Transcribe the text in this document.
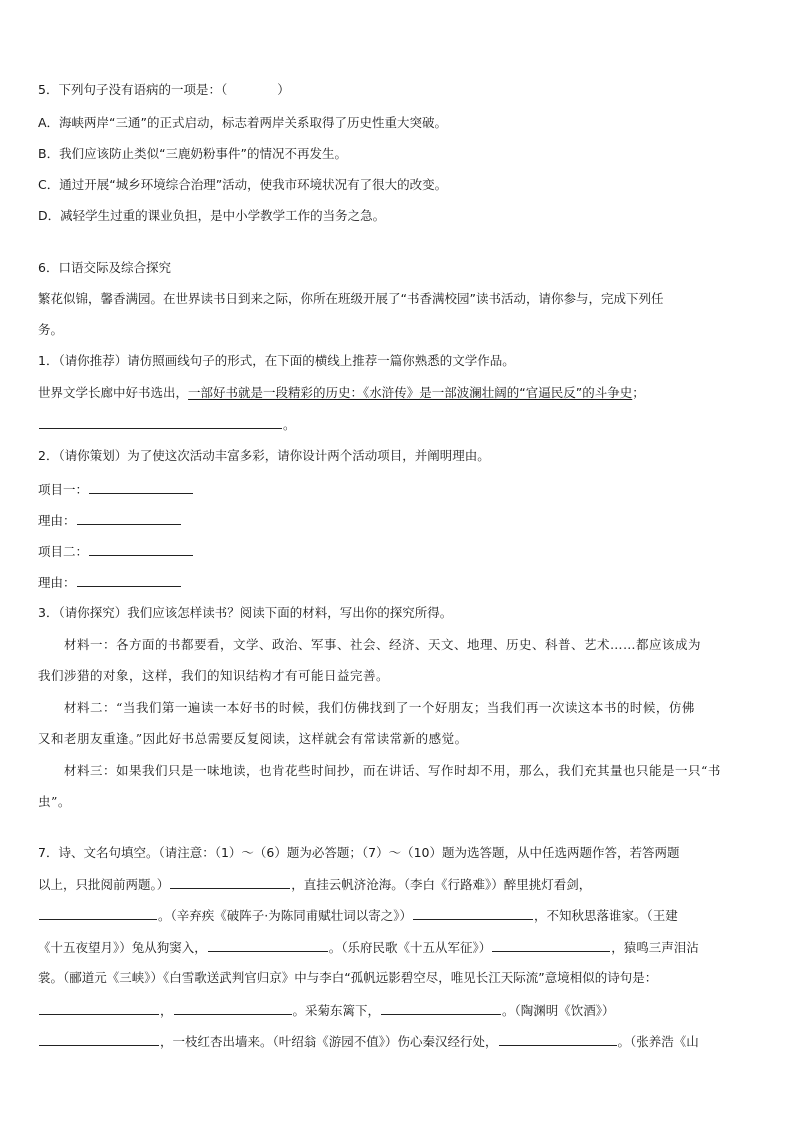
5．下列句子没有语病的一项是：（　　　　）
A．海峡两岸“三通”的正式启动，标志着两岸关系取得了历史性重大突破。
B．我们应该防止类似“三鹿奶粉事件”的情况不再发生。
C．通过开展“城乡环境综合治理”活动，使我市环境状况有了很大的改变。
D．减轻学生过重的课业负担，是中小学教学工作的当务之急。
6．口语交际及综合探究
繁花似锦，馨香满园。在世界读书日到来之际，你所在班级开展了“书香满校园”读书活动，请你参与，完成下列任
务。
1．（请你推荐）请仿照画线句子的形式，在下面的横线上推荐一篇你熟悉的文学作品。
世界文学长廊中好书选出，一部好书就是一段精彩的历史：《水浒传》是一部波澜壮阔的“官逼民反”的斗争史；
。
2．（请你策划）为了使这次活动丰富多彩，请你设计两个活动项目，并阐明理由。
项目一：
理由：
项目二：
理由：
3．（请你探究）我们应该怎样读书？阅读下面的材料，写出你的探究所得。
材料一：各方面的书都要看，文学、政治、军事、社会、经济、天文、地理、历史、科普、艺术……都应该成为
我们涉猎的对象，这样，我们的知识结构才有可能日益完善。
材料二：“当我们第一遍读一本好书的时候，我们仿佛找到了一个好朋友；当我们再一次读这本书的时候，仿佛
又和老朋友重逢。”因此好书总需要反复阅读，这样就会有常读常新的感觉。
材料三：如果我们只是一味地读，也肯花些时间抄，而在讲话、写作时却不用，那么，我们充其量也只能是一只“书
虫”。
7．诗、文名句填空。（请注意：（1）～（6）题为必答题；（7）～（10）题为选答题，从中任选两题作答，若答两题
以上，只批阅前两题。）	，直挂云帆济沧海。（李白《行路难》）醉里挑灯看剑，
。（辛弃疾《破阵子·为陈同甫赋壮词以寄之》）	，不知秋思落谁家。（王建
《十五夜望月》）兔从狗窦入，	。（乐府民歌《十五从军征》）	，猿鸣三声泪沾
裳。（郦道元《三峡》）《白雪歌送武判官归京》中与李白“孤帆远影碧空尽，唯见长江天际流”意境相似的诗句是：
，	。采菊东篱下，	。（陶渊明《饮酒》）
，一枝红杏出墙来。（叶绍翁《游园不值》）伤心秦汉经行处，	。（张养浩《山
